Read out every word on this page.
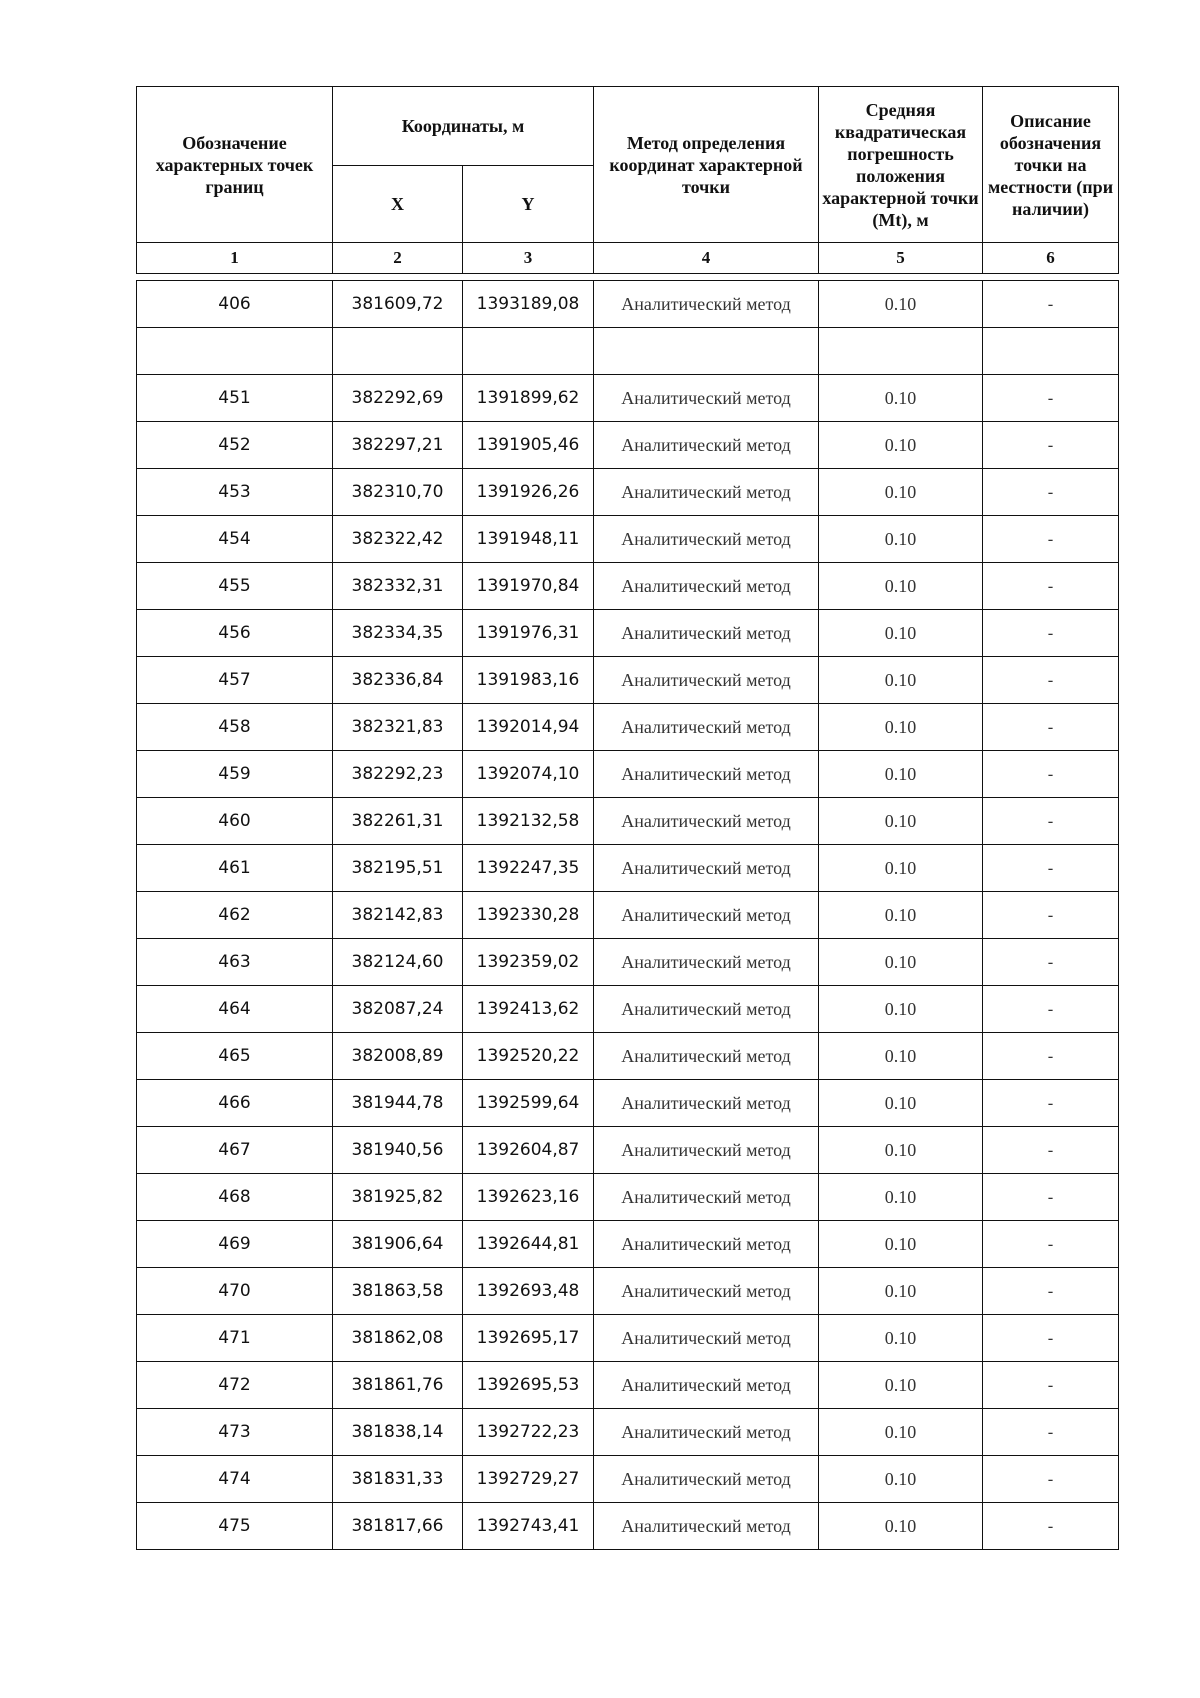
Обозначение характерных точек границ	Координаты, м		Метод определения координат характерной точки	Средняя квадратическая погрешность положения характерной точки (Mt), м	Описание обозначения точки на местности (при наличии)
	X	Y			
1	2	3	4	5	6

406	381609,72	1393189,08	Аналитический метод	0.10	-

451	382292,69	1391899,62	Аналитический метод	0.10	-
452	382297,21	1391905,46	Аналитический метод	0.10	-
453	382310,70	1391926,26	Аналитический метод	0.10	-
454	382322,42	1391948,11	Аналитический метод	0.10	-
455	382332,31	1391970,84	Аналитический метод	0.10	-
456	382334,35	1391976,31	Аналитический метод	0.10	-
457	382336,84	1391983,16	Аналитический метод	0.10	-
458	382321,83	1392014,94	Аналитический метод	0.10	-
459	382292,23	1392074,10	Аналитический метод	0.10	-
460	382261,31	1392132,58	Аналитический метод	0.10	-
461	382195,51	1392247,35	Аналитический метод	0.10	-
462	382142,83	1392330,28	Аналитический метод	0.10	-
463	382124,60	1392359,02	Аналитический метод	0.10	-
464	382087,24	1392413,62	Аналитический метод	0.10	-
465	382008,89	1392520,22	Аналитический метод	0.10	-
466	381944,78	1392599,64	Аналитический метод	0.10	-
467	381940,56	1392604,87	Аналитический метод	0.10	-
468	381925,82	1392623,16	Аналитический метод	0.10	-
469	381906,64	1392644,81	Аналитический метод	0.10	-
470	381863,58	1392693,48	Аналитический метод	0.10	-
471	381862,08	1392695,17	Аналитический метод	0.10	-
472	381861,76	1392695,53	Аналитический метод	0.10	-
473	381838,14	1392722,23	Аналитический метод	0.10	-
474	381831,33	1392729,27	Аналитический метод	0.10	-
475	381817,66	1392743,41	Аналитический метод	0.10	-
